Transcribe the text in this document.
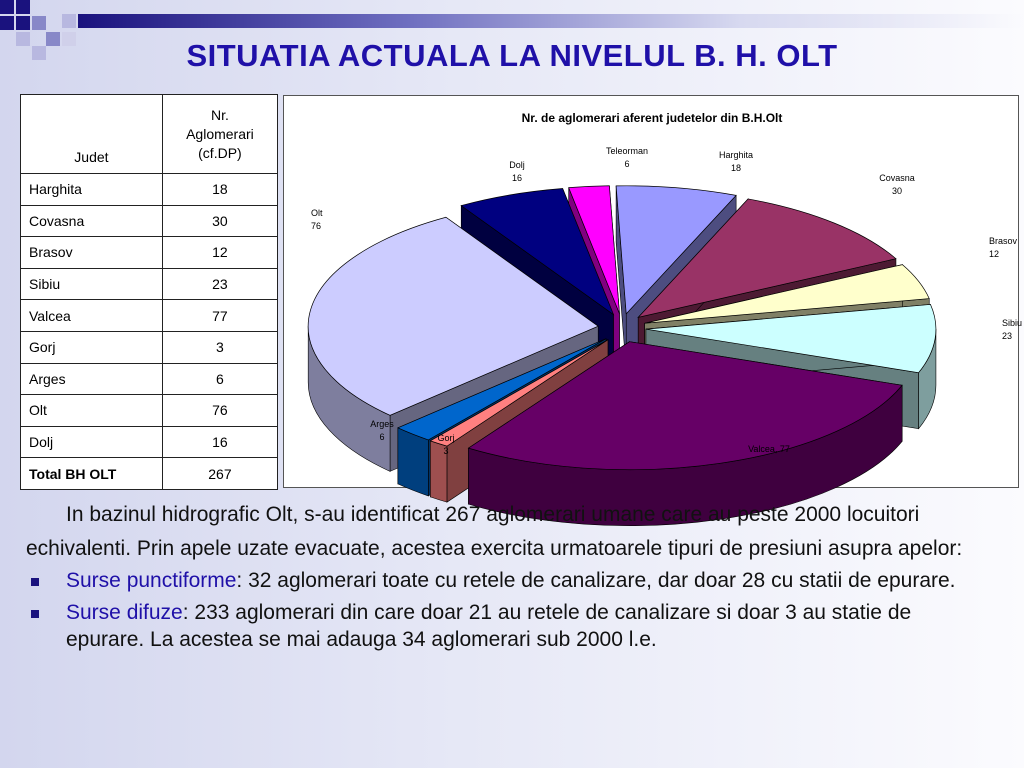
SITUATIA ACTUALA LA NIVELUL B. H. OLT
Judet	Nr.
Aglomerari
(cf.DP)
Harghita	18
Covasna	30
Brasov	12
Sibiu	23
Valcea	77
Gorj	3
Arges	6
Olt	76
Dolj	16
Total BH OLT	267
Nr. de aglomerari aferent judetelor din B.H.Olt
Harghita
18
Covasna
30
Brasov
12
Sibiu
23
Valcea, 77
Gorj
3
Arges
6
Olt
76
Dolj
16
Teleorman
6

In bazinul hidrografic Olt, s-au identificat 267 aglomerari umane care au peste 2000 locuitori echivalenti. Prin apele uzate evacuate, acestea exercita urmatoarele tipuri de presiuni asupra apelor:

Surse punctiforme: 32 aglomerari toate cu retele de canalizare, dar doar 28 cu statii de epurare.
Surse difuze: 233 aglomerari din care doar 21 au retele de canalizare si doar 3 au statie de epurare. La acestea se mai adauga 34 aglomerari sub 2000 l.e.
